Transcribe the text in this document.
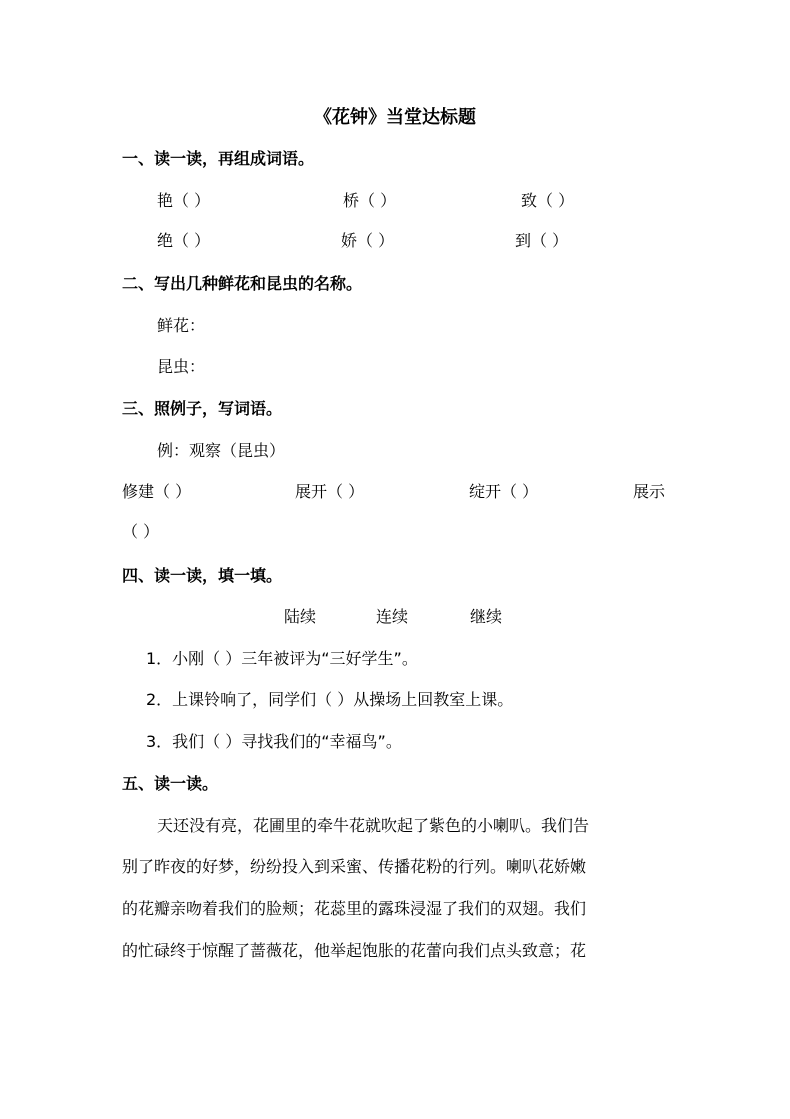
《花钟》当堂达标题
一、读一读，再组成词语。
艳（ ）	桥（ ）	致（ ）
绝（ ）	娇（ ）	到（ ）
二、写出几种鲜花和昆虫的名称。
鲜花：
昆虫：
三、照例子，写词语。
例：观察（昆虫）
修建（ ）	展开（ ）	绽开（ ）	展示
（ ）
四、读一读，填一填。
陆续	连续	继续
1．小刚（ ）三年被评为“三好学生”。
2．上课铃响了，同学们（ ）从操场上回教室上课。
3．我们（ ）寻找我们的“幸福鸟”。
五、读一读。
天还没有亮，花圃里的牵牛花就吹起了紫色的小喇叭。我们告
别了昨夜的好梦，纷纷投入到采蜜、传播花粉的行列。喇叭花娇嫩
的花瓣亲吻着我们的脸颊；花蕊里的露珠浸湿了我们的双翅。我们
的忙碌终于惊醒了蔷薇花，他举起饱胀的花蕾向我们点头致意；花
